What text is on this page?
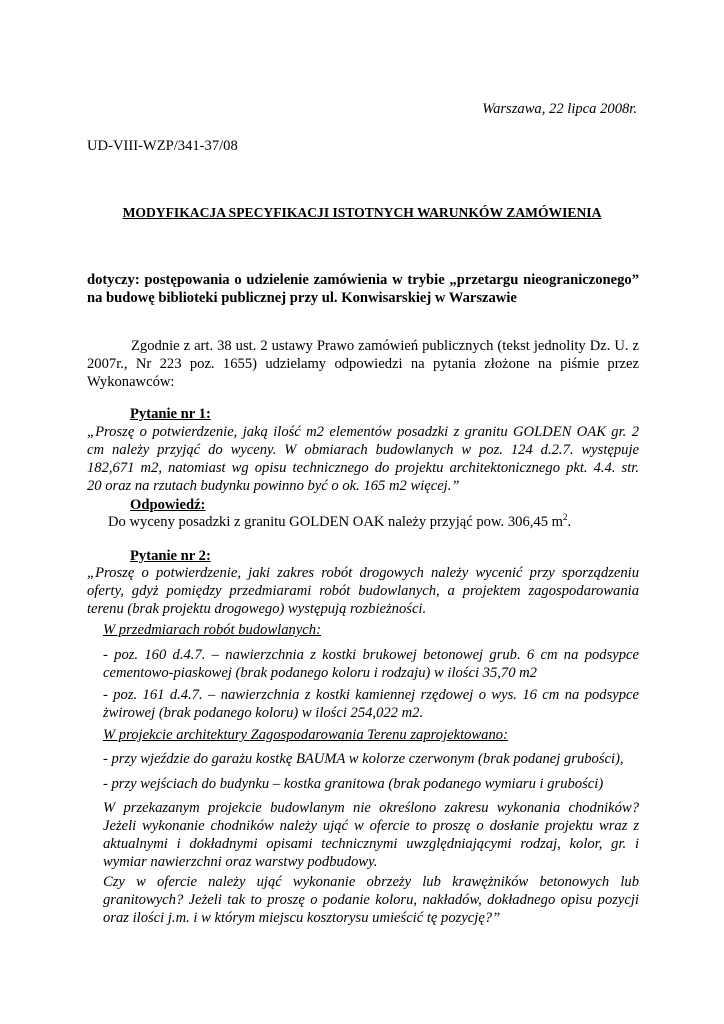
Warszawa, 22 lipca 2008r.
UD-VIII-WZP/341-37/08
MODYFIKACJA SPECYFIKACJI ISTOTNYCH WARUNKÓW ZAMÓWIENIA
dotyczy: postępowania o udzielenie zamówienia w trybie „przetargu nieograniczonego”
na budowę biblioteki publicznej przy ul. Konwisarskiej w Warszawie
Zgodnie z art. 38 ust. 2 ustawy Prawo zamówień publicznych (tekst jednolity Dz. U. z
2007r., Nr 223 poz. 1655) udzielamy odpowiedzi na pytania złożone na piśmie przez
Wykonawców:
Pytanie nr 1:
„Proszę o potwierdzenie, jaką ilość m2 elementów posadzki z granitu GOLDEN OAK gr. 2
cm należy przyjąć do wyceny. W obmiarach budowlanych w poz. 124 d.2.7. występuje
182,671 m2, natomiast wg opisu technicznego do projektu architektonicznego pkt. 4.4. str.
20 oraz na rzutach budynku powinno być o ok. 165 m2 więcej.”
Odpowiedź:
Do wyceny posadzki z granitu GOLDEN OAK należy przyjąć pow. 306,45 $m^2$.
Pytanie nr 2:
„Proszę o potwierdzenie, jaki zakres robót drogowych należy wycenić przy sporządzeniu
oferty, gdyż pomiędzy przedmiarami robót budowlanych, a projektem zagospodarowania
terenu (brak projektu drogowego) występują rozbieżności.
W przedmiarach robót budowlanych:
- poz. 160 d.4.7. – nawierzchnia z kostki brukowej betonowej grub. 6 cm na podsypce
cementowo-piaskowej (brak podanego koloru i rodzaju) w ilości 35,70 m2
- poz. 161 d.4.7. – nawierzchnia z kostki kamiennej rzędowej o wys. 16 cm na podsypce
żwirowej (brak podanego koloru) w ilości 254,022 m2.
W projekcie architektury Zagospodarowania Terenu zaprojektowano:
- przy wjeździe do garażu kostkę BAUMA w kolorze czerwonym (brak podanej grubości),
- przy wejściach do budynku – kostka granitowa (brak podanego wymiaru i grubości)
W przekazanym projekcie budowlanym nie określono zakresu wykonania chodników?
Jeżeli wykonanie chodników należy ująć w ofercie to proszę o dosłanie projektu wraz z
aktualnymi i dokładnymi opisami technicznymi uwzględniającymi rodzaj, kolor, gr. i
wymiar nawierzchni oraz warstwy podbudowy.
Czy w ofercie należy ująć wykonanie obrzeży lub krawężników betonowych lub
granitowych? Jeżeli tak to proszę o podanie koloru, nakładów, dokładnego opisu pozycji
oraz ilości j.m. i w którym miejscu kosztorysu umieścić tę pozycję?”
